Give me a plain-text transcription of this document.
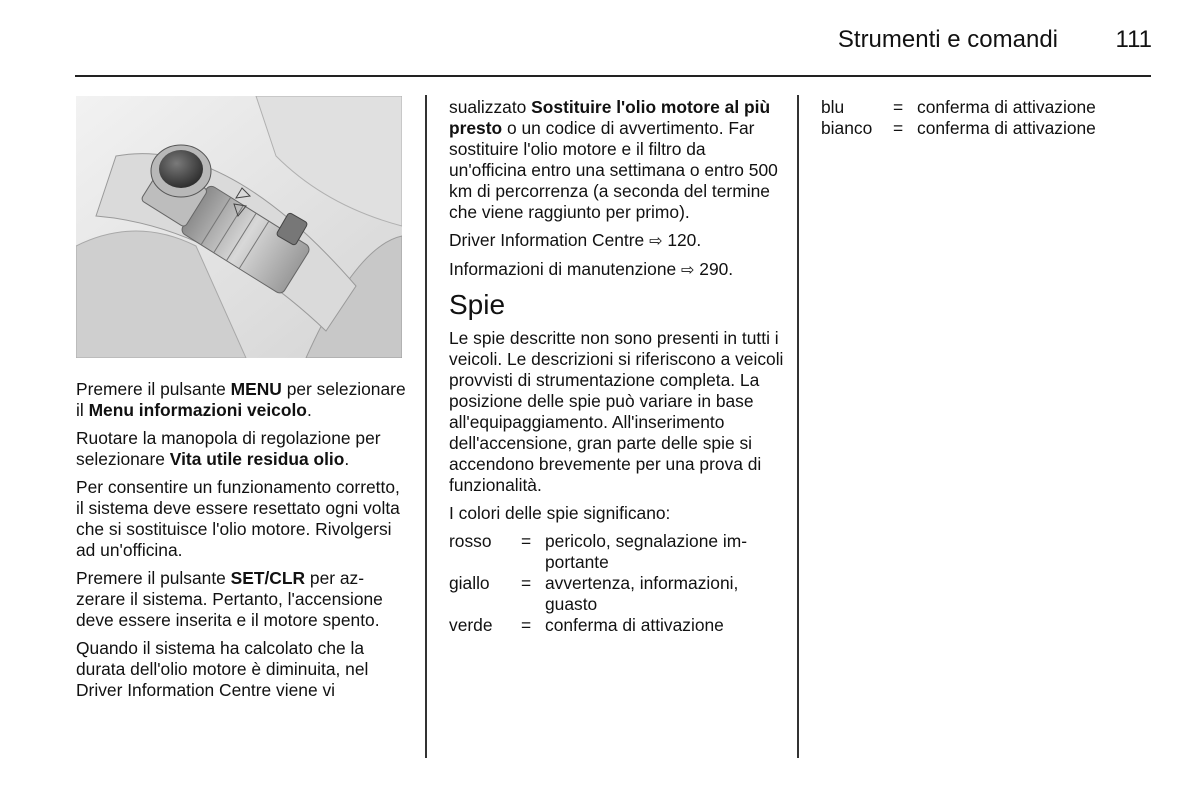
Strumenti e comandi	111

Premere il pulsante MENU per selezionare il Menu informazioni veicolo.

Ruotare la manopola di regolazione per selezionare Vita utile residua olio.

Per consentire un funzionamento corretto, il sistema deve essere resettato ogni volta che si sostituisce l'olio motore. Rivolgersi ad un'officina.

Premere il pulsante SET/CLR per azzerare il sistema. Pertanto, l'accensione deve essere inserita e il motore spento.

Quando il sistema ha calcolato che la durata dell'olio motore è diminuita, nel Driver Information Centre viene vi

sualizzato Sostituire l'olio motore al più presto o un codice di avvertimento. Far sostituire l'olio motore e il filtro da un'officina entro una settimana o entro 500 km di percorrenza (a seconda del termine che viene raggiunto per primo).

Driver Information Centre ⇨ 120.

Informazioni di manutenzione ⇨ 290.

Spie

Le spie descritte non sono presenti in tutti i veicoli. Le descrizioni si riferiscono a veicoli provvisti di strumentazione completa. La posizione delle spie può variare in base all'equipaggiamento. All'inserimento dell'accensione, gran parte delle spie si accendono brevemente per una prova di funzionalità.

I colori delle spie significano:

rosso	= pericolo, segnalazione importante
giallo	= avvertenza, informazioni, guasto
verde	= conferma di attivazione
blu	= conferma di attivazione
bianco	= conferma di attivazione
